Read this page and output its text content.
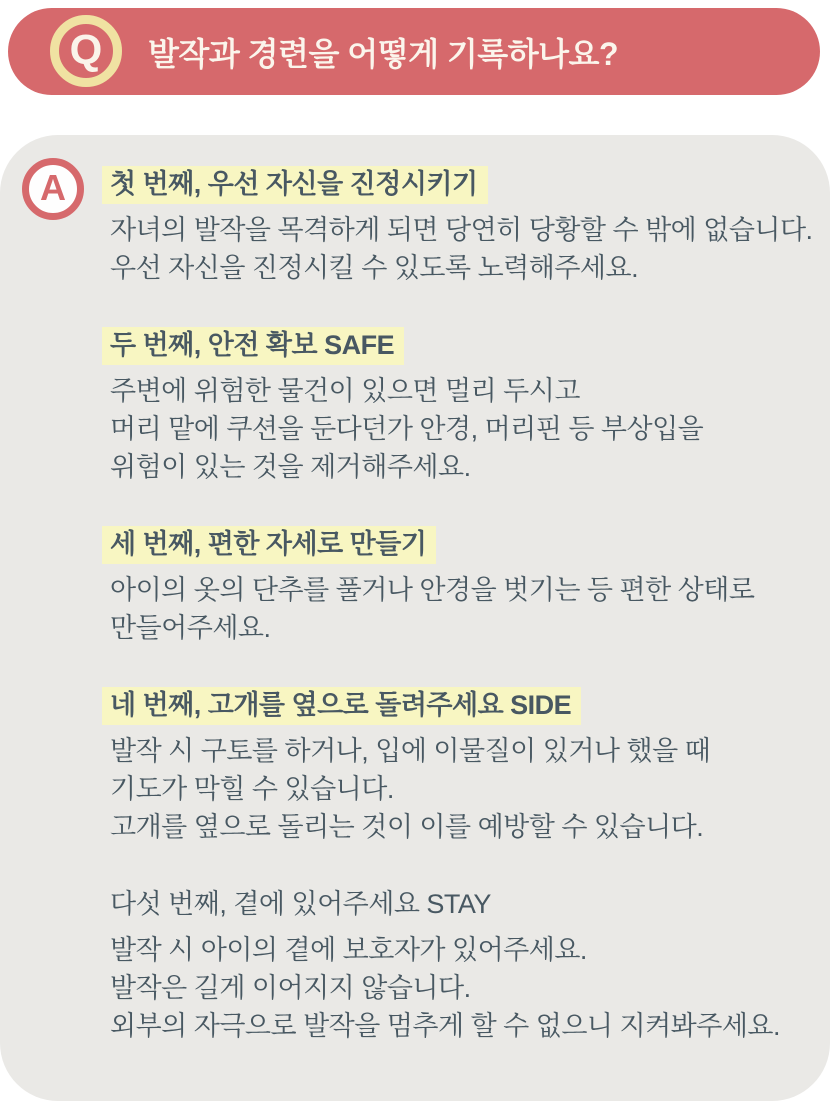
Q 발작과 경련을 어떻게 기록하나요?
A 첫 번째, 우선 자신을 진정시키기

자녀의 발작을 목격하게 되면 당연히 당황할 수 밖에 없습니다.

우선 자신을 진정시킬 수 있도록 노력해주세요.

두 번째, 안전 확보 SAFE

주변에 위험한 물건이 있으면 멀리 두시고

머리 맡에 쿠션을 둔다던가 안경, 머리핀 등 부상입을

위험이 있는 것을 제거해주세요.

세 번째, 편한 자세로 만들기

아이의 옷의 단추를 풀거나 안경을 벗기는 등 편한 상태로

만들어주세요.

네 번째, 고개를 옆으로 돌려주세요 SIDE

발작 시 구토를 하거나, 입에 이물질이 있거나 했을 때

기도가 막힐 수 있습니다.

고개를 옆으로 돌리는 것이 이를 예방할 수 있습니다.

다섯 번째, 곁에 있어주세요 STAY

발작 시 아이의 곁에 보호자가 있어주세요.

발작은 길게 이어지지 않습니다.

외부의 자극으로 발작을 멈추게 할 수 없으니 지켜봐주세요.
